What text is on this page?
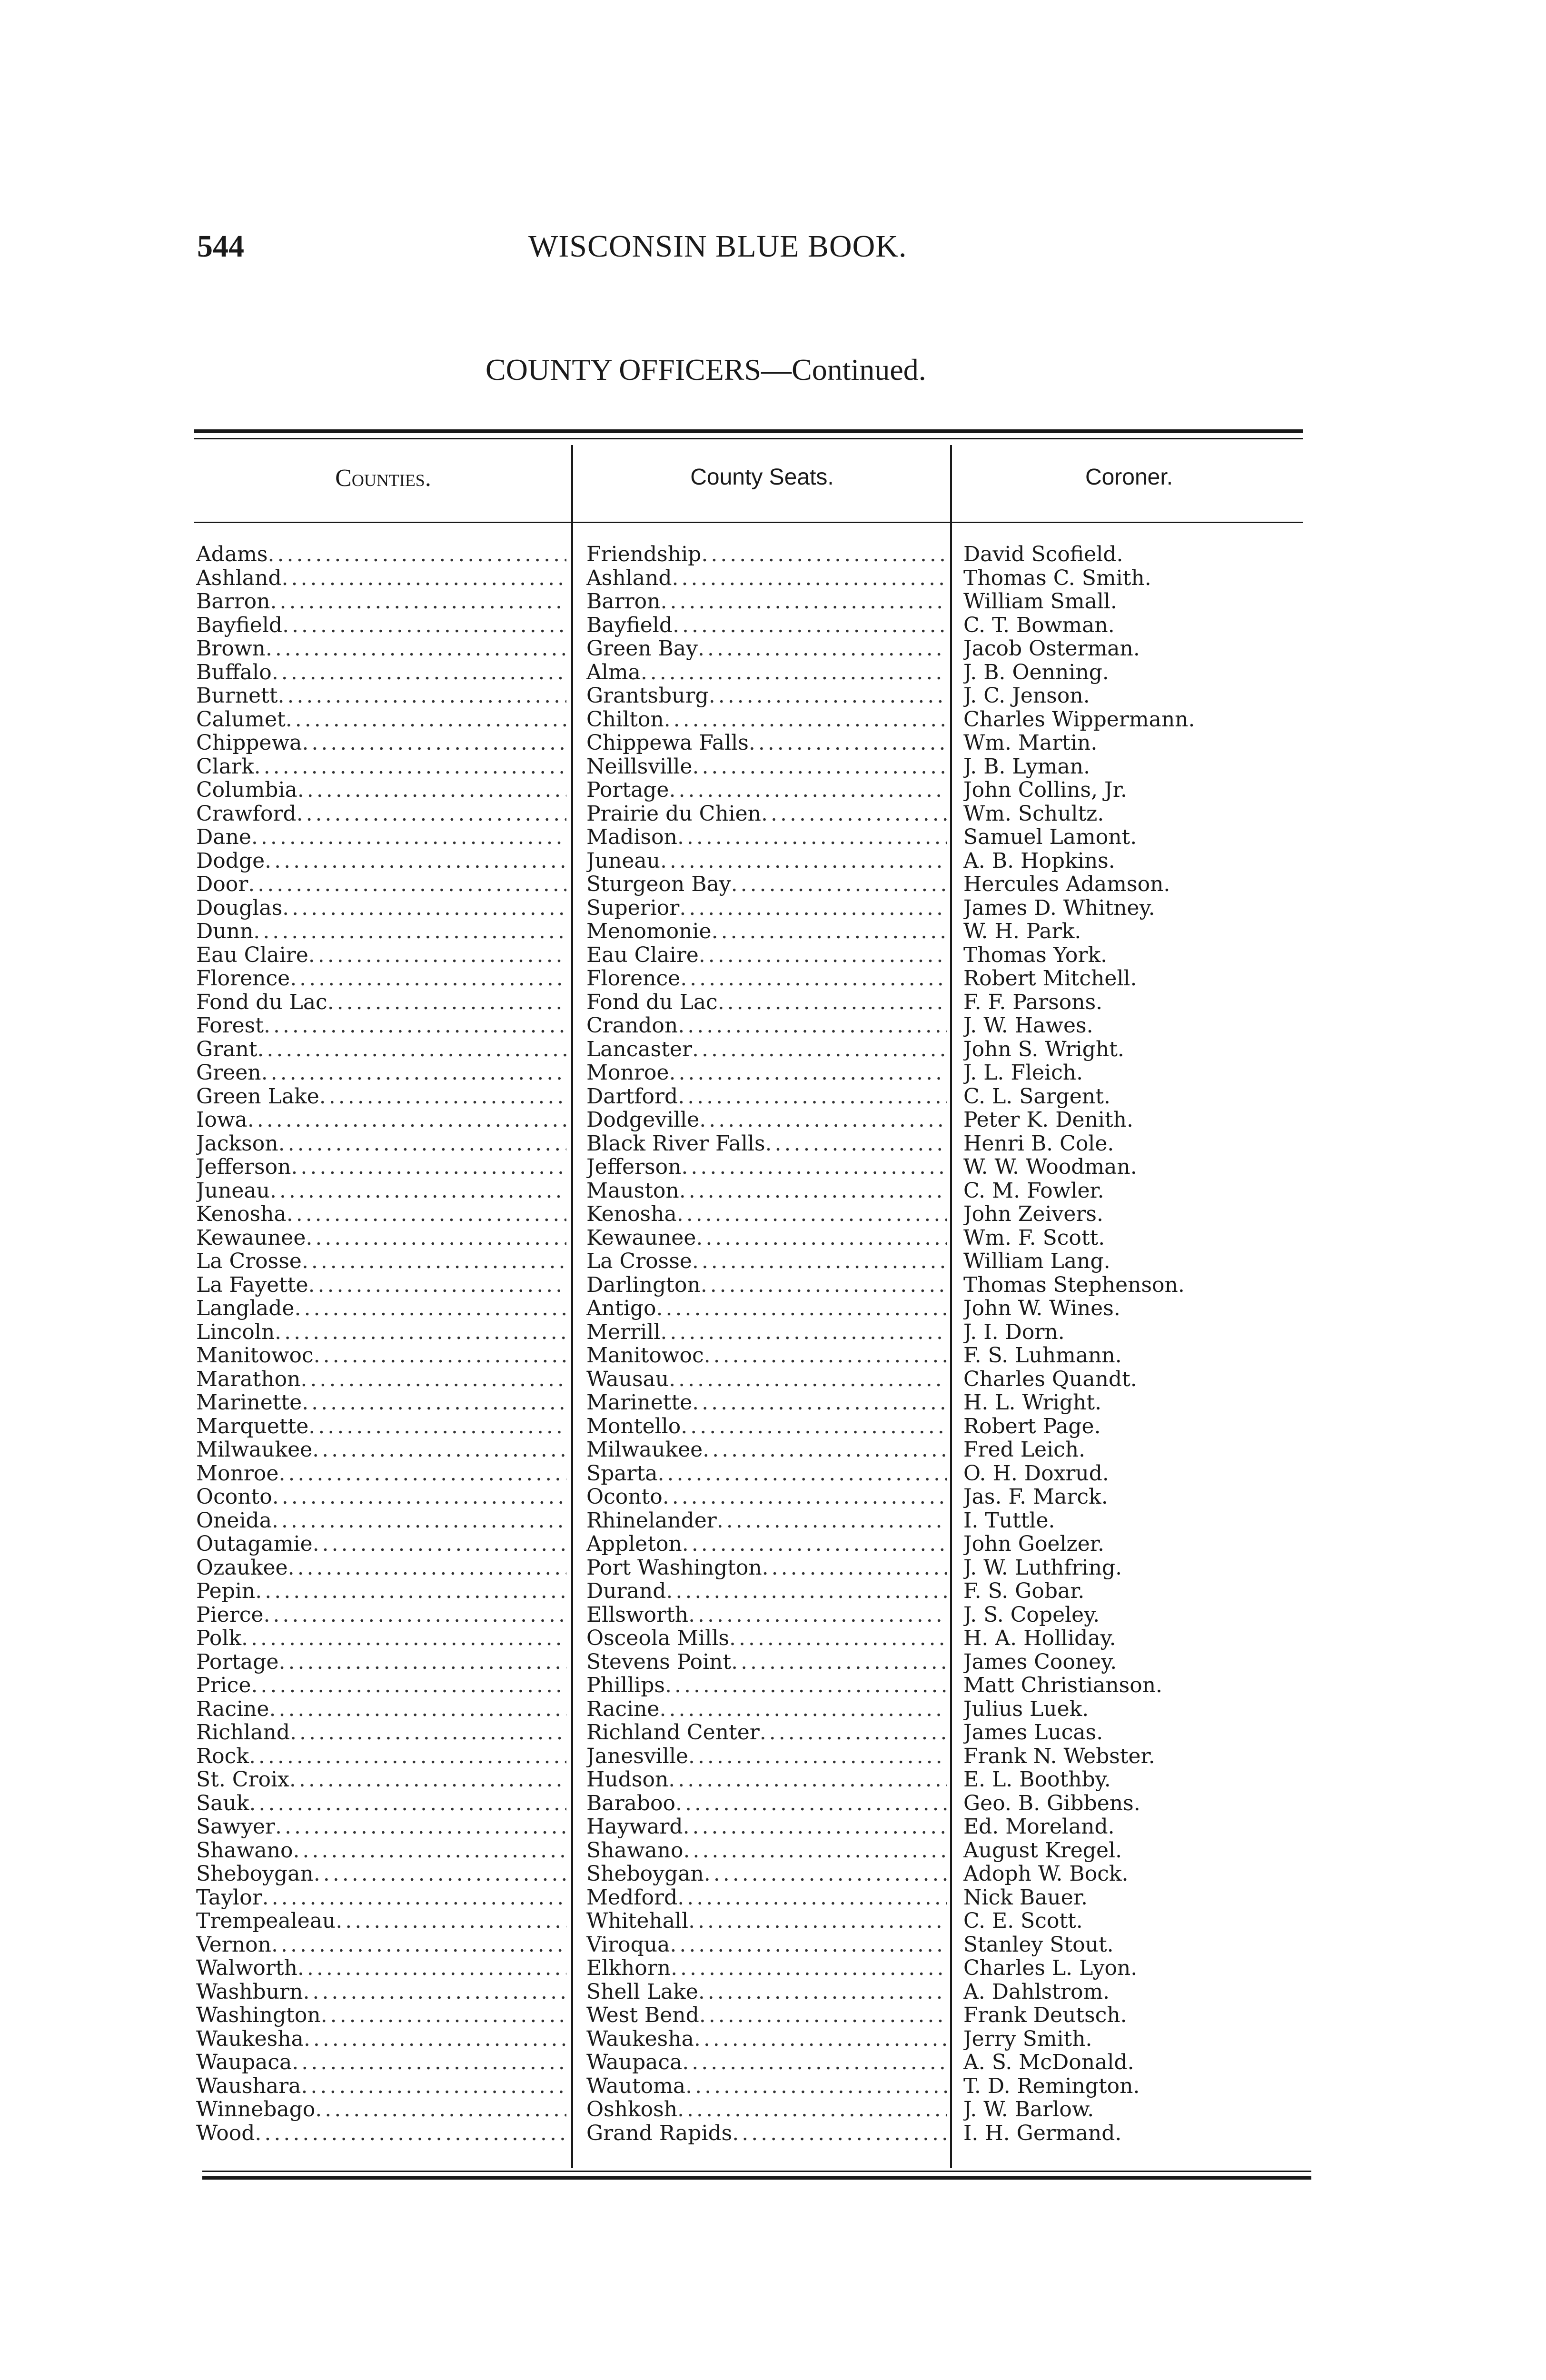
544	WISCONSIN BLUE BOOK.
COUNTY OFFICERS—Continued.
Counties.	County Seats.	Coroner.
Adams .....	Friendship .....	David Scofield.
Ashland .....	Ashland .....	Thomas C. Smith.
Barron .....	Barron .....	William Small.
Bayfield .....	Bayfield .....	C. T. Bowman.
Brown .....	Green Bay .....	Jacob Osterman.
Buffalo .....	Alma .....	J. B. Oenning.
Burnett .....	Grantsburg .....	J. C. Jenson.
Calumet .....	Chilton .....	Charles Wippermann.
Chippewa .....	Chippewa Falls .....	Wm. Martin.
Clark .....	Neillsville .....	J. B. Lyman.
Columbia .....	Portage .....	John Collins, Jr.
Crawford .....	Prairie du Chien .....	Wm. Schultz.
Dane .....	Madison .....	Samuel Lamont.
Dodge .....	Juneau .....	A. B. Hopkins.
Door .....	Sturgeon Bay .....	Hercules Adamson.
Douglas .....	Superior .....	James D. Whitney.
Dunn .....	Menomonie .....	W. H. Park.
Eau Claire .....	Eau Claire .....	Thomas York.
Florence .....	Florence .....	Robert Mitchell.
Fond du Lac .....	Fond du Lac .....	F. F. Parsons.
Forest .....	Crandon .....	J. W. Hawes.
Grant .....	Lancaster .....	John S. Wright.
Green .....	Monroe .....	J. L. Fleich.
Green Lake .....	Dartford .....	C. L. Sargent.
Iowa .....	Dodgeville .....	Peter K. Denith.
Jackson .....	Black River Falls .....	Henri B. Cole.
Jefferson .....	Jefferson .....	W. W. Woodman.
Juneau .....	Mauston .....	C. M. Fowler.
Kenosha .....	Kenosha .....	John Zeivers.
Kewaunee .....	Kewaunee .....	Wm. F. Scott.
La Crosse .....	La Crosse .....	William Lang.
La Fayette .....	Darlington .....	Thomas Stephenson.
Langlade .....	Antigo .....	John W. Wines.
Lincoln .....	Merrill .....	J. I. Dorn.
Manitowoc .....	Manitowoc .....	F. S. Luhmann.
Marathon .....	Wausau .....	Charles Quandt.
Marinette .....	Marinette .....	H. L. Wright.
Marquette .....	Montello .....	Robert Page.
Milwaukee .....	Milwaukee .....	Fred Leich.
Monroe .....	Sparta .....	O. H. Doxrud.
Oconto .....	Oconto .....	Jas. F. Marck.
Oneida .....	Rhinelander .....	I. Tuttle.
Outagamie .....	Appleton .....	John Goelzer.
Ozaukee .....	Port Washington .....	J. W. Luthfring.
Pepin .....	Durand .....	F. S. Gobar.
Pierce .....	Ellsworth .....	J. S. Copeley.
Polk .....	Osceola Mills .....	H. A. Holliday.
Portage .....	Stevens Point .....	James Cooney.
Price .....	Phillips .....	Matt Christianson.
Racine .....	Racine .....	Julius Luek.
Richland .....	Richland Center .....	James Lucas.
Rock .....	Janesville .....	Frank N. Webster.
St. Croix .....	Hudson .....	E. L. Boothby.
Sauk .....	Baraboo .....	Geo. B. Gibbens.
Sawyer .....	Hayward .....	Ed. Moreland.
Shawano .....	Shawano .....	August Kregel.
Sheboygan .....	Sheboygan .....	Adoph W. Bock.
Taylor .....	Medford .....	Nick Bauer.
Trempealeau .....	Whitehall .....	C. E. Scott.
Vernon .....	Viroqua .....	Stanley Stout.
Walworth .....	Elkhorn .....	Charles L. Lyon.
Washburn .....	Shell Lake .....	A. Dahlstrom.
Washington .....	West Bend .....	Frank Deutsch.
Waukesha .....	Waukesha .....	Jerry Smith.
Waupaca .....	Waupaca .....	A. S. McDonald.
Waushara .....	Wautoma .....	T. D. Remington.
Winnebago .....	Oshkosh .....	J. W. Barlow.
Wood .....	Grand Rapids .....	I. H. Germand.
